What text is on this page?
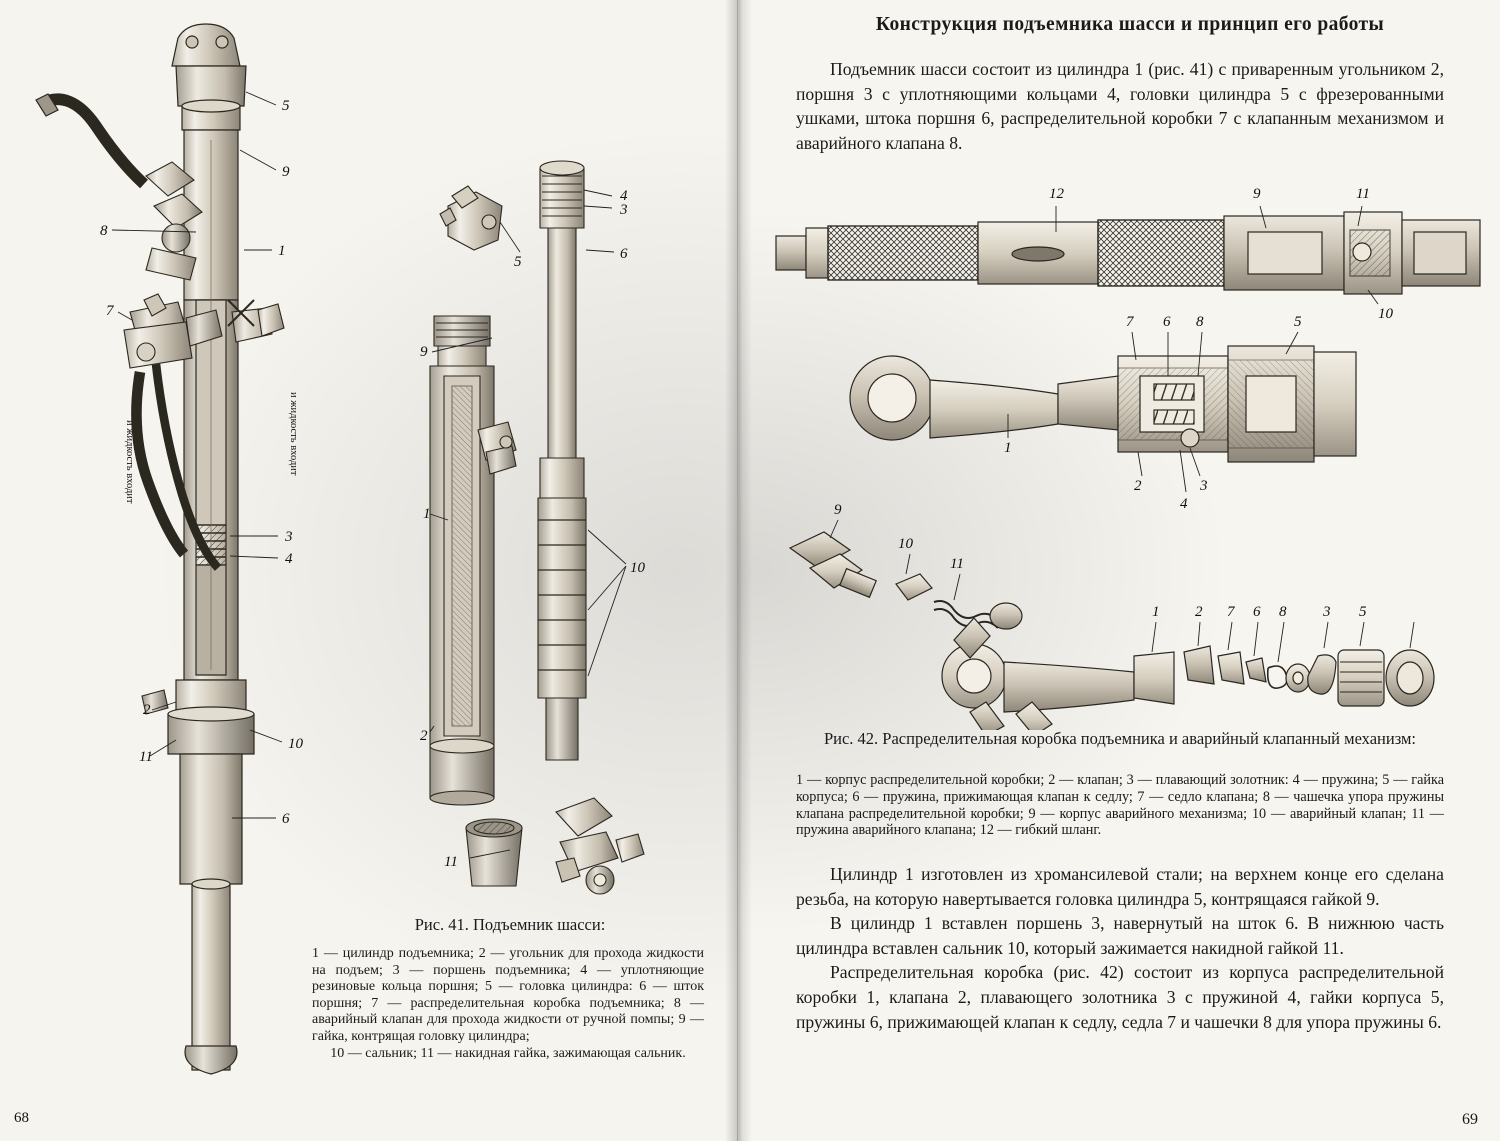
5
9
8
1
7
3
4
2
10
11
6
и жидкость входит
и жидкость входит
5
9
1
2
11
4
3
6
10
68
Рис. 41. Подъемник шасси:
1 — цилиндр подъемника; 2 — угольник для прохода жидкости на подъем; 3 — поршень подъемника; 4 — уплотняющие резиновые кольца поршня; 5 — головка цилиндра: 6 — шток поршня; 7 — распределительная коробка подъемника; 8 — аварийный клапан для прохода жидкости от ручной помпы; 9 — гайка, контрящая головку цилиндра;
10 — сальник; 11 — накидная гайка, зажимающая сальник.
Конструкция подъемника шасси и принцип его работы

Подъемник шасси состоит из цилиндра 1 (рис. 41) с приваренным угольником 2, поршня 3 с уплотняющими кольцами 4, головки цилиндра 5 с фрезерованными ушками, штока поршня 6, распределительной коробки 7 с клапанным механизмом и аварийного клапана 8.

12	9	11
10
7 6 8	5
1
2	3
4
9
10
11
1 2 7 6 8 3 5
Рис. 42. Распределительная коробка подъемника и аварийный клапанный механизм:
1 — корпус распределительной коробки; 2 — клапан; 3 — плавающий золотник: 4 — пружина; 5 — гайка корпуса; 6 — пружина, прижимающая клапан к седлу; 7 — седло клапана; 8 — чашечка упора пружины клапана распределительной коробки; 9 — корпус аварийного механизма; 10 — аварийный клапан; 11 — пружина аварийного клапана; 12 — гибкий шланг.

Цилиндр 1 изготовлен из хромансилевой стали; на верхнем конце его сделана резьба, на которую навертывается головка цилиндра 5, контрящаяся гайкой 9.

В цилиндр 1 вставлен поршень 3, навернутый на шток 6. В нижнюю часть цилиндра вставлен сальник 10, который зажимается накидной гайкой 11.

Распределительная коробка (рис. 42) состоит из корпуса распределительной коробки 1, клапана 2, плавающего золотника 3 с пружиной 4, гайки корпуса 5, пружины 6, прижимающей клапан к седлу, седла 7 и чашечки 8 для упора пружины 6.

69
